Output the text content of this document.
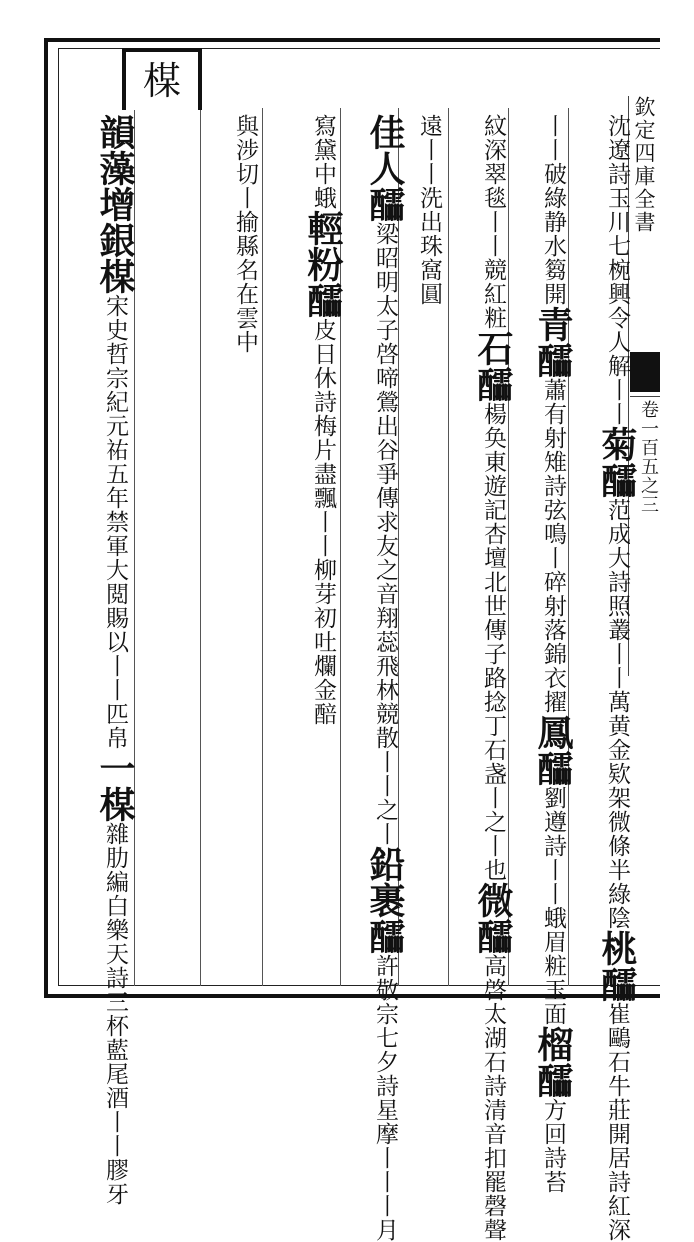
楳
欽定四庫全書
卷一百五之三
沈遼詩玉川七椀興令人解丨丨菊醽范成大詩照叢丨丨萬黄金欵架微條半綠陰桃醽崔鷗石牛莊開居詩紅深
丨丨破綠静水篘開青醽蕭有射雉詩弦鳴丨碎射落錦衣擢鳳醽劉遵詩丨丨蛾眉粧玉面榴醽方回詩苔
紋深翠毯丨丨競紅粧石醽楊奂東遊記杏壇北世傳子路捻丁石盏丨之丨也微醽高啓太湖石詩清音扣罷磬聲
遠丨丨洗出珠窩圓
佳人醽梁昭明太子啓啼鶯出谷爭傳求友之音翔蕊飛林競散丨丨之丨鉛裹醽許敬宗七夕詩星摩丨丨丨月
寫黛中蛾輕粉醽皮日休詩梅片盡飄丨丨柳芽初吐爛金醅
與涉切丨揄縣名在雲中
韻藻增銀楳宋史哲宗紀元祐五年禁軍大閲賜以丨丨匹帛一楳雜肋編白樂天詩三杯藍尾酒丨丨膠牙
